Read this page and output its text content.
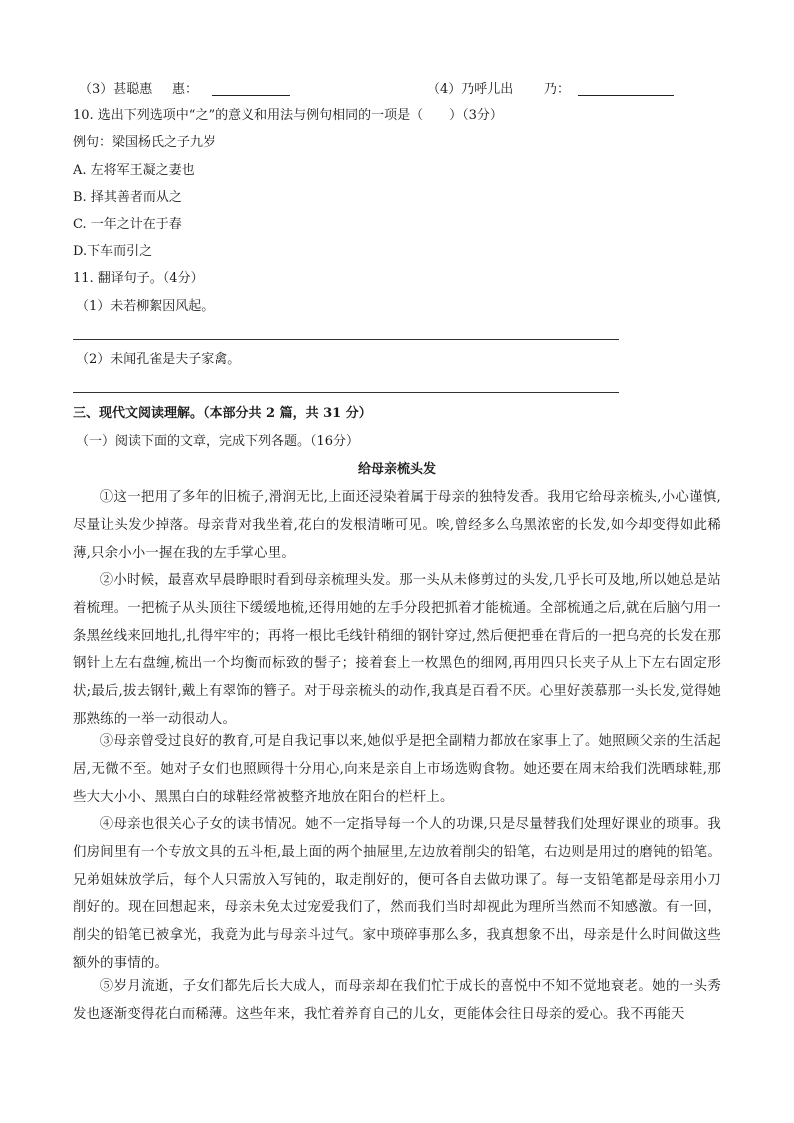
（3）甚聪惠 惠：	（4）乃呼儿出 乃：
10. 选出下列选项中“之”的意义和用法与例句相同的一项是（　　）（3分）
例句：梁国杨氏之子九岁
A. 左将军王凝之妻也
B. 择其善者而从之
C. 一年之计在于春
D.下车而引之
11. 翻译句子。（4分）
（1）未若柳絮因风起。
（2）未闻孔雀是夫子家禽。
三、现代文阅读理解。（本部分共 2 篇，共 31 分）
（一）阅读下面的文章，完成下列各题。（16分）
给母亲梳头发

①这一把用了多年的旧梳子,滑润无比,上面还浸染着属于母亲的独特发香。我用它给母亲梳头,小心谨慎,尽量让头发少掉落。母亲背对我坐着,花白的发根清晰可见。唉,曾经多么乌黑浓密的长发,如今却变得如此稀薄,只余小小一握在我的左手掌心里。

②小时候，最喜欢早晨睁眼时看到母亲梳理头发。那一头从未修剪过的头发,几乎长可及地,所以她总是站着梳理。一把梳子从头顶往下缓缓地梳,还得用她的左手分段把抓着才能梳通。全部梳通之后,就在后脑勺用一条黑丝线来回地扎,扎得牢牢的；再将一根比毛线针稍细的钢针穿过,然后便把垂在背后的一把乌亮的长发在那钢针上左右盘缠,梳出一个均衡而标致的髻子；接着套上一枚黑色的细网,再用四只长夹子从上下左右固定形状;最后,拔去钢针,戴上有翠饰的簪子。对于母亲梳头的动作,我真是百看不厌。心里好羡慕那一头长发,觉得她那熟练的一举一动很动人。

③母亲曾受过良好的教育,可是自我记事以来,她似乎是把全副精力都放在家事上了。她照顾父亲的生活起居,无微不至。她对子女们也照顾得十分用心,向来是亲自上市场选购食物。她还要在周末给我们洗晒球鞋,那些大大小小、黑黑白白的球鞋经常被整齐地放在阳台的栏杆上。

④母亲也很关心子女的读书情况。她不一定指导每一个人的功课,只是尽量替我们处理好课业的琐事。我们房间里有一个专放文具的五斗柜,最上面的两个抽屉里,左边放着削尖的铅笔，右边则是用过的磨钝的铅笔。兄弟姐妹放学后，每个人只需放入写钝的，取走削好的，便可各自去做功课了。每一支铅笔都是母亲用小刀削好的。现在回想起来，母亲未免太过宠爱我们了，然而我们当时却视此为理所当然而不知感激。有一回，削尖的铅笔已被拿光，我竟为此与母亲斗过气。家中琐碎事那么多，我真想象不出，母亲是什么时间做这些额外的事情的。

⑤岁月流逝，子女们都先后长大成人，而母亲却在我们忙于成长的喜悦中不知不觉地衰老。她的一头秀发也逐渐变得花白而稀薄。这些年来，我忙着养育自己的儿女，更能体会往日母亲的爱心。我不再能天
